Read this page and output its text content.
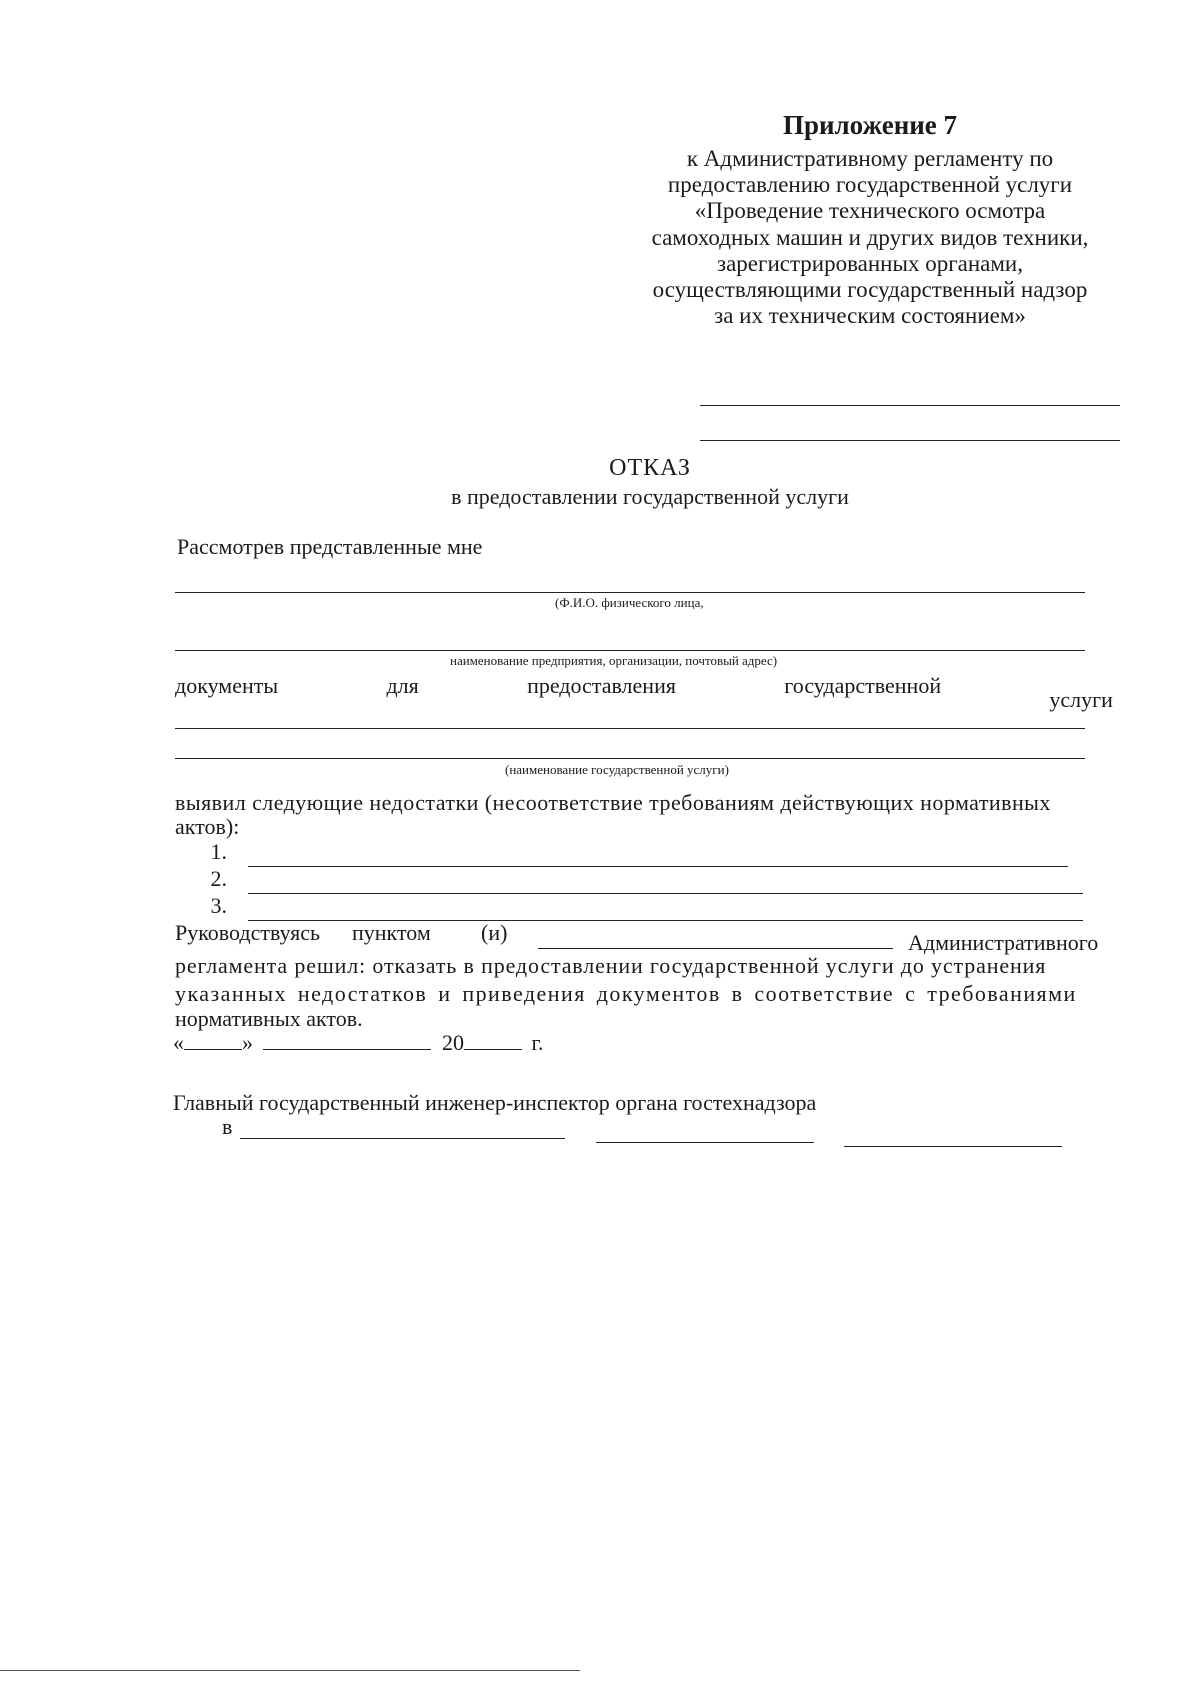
Приложение 7
к Административному регламенту по
предоставлению государственной услуги
«Проведение технического осмотра
самоходных машин и других видов техники,
зарегистрированных органами,
осуществляющими государственный надзор
за их техническим состоянием»
ОТКАЗ
в предоставлении государственной услуги
Рассмотрев представленные мне
(Ф.И.О. физического лица,
наименование предприятия, организации, почтовый адрес)
документы	для	предоставления	государственной
услуги
(наименование государственной услуги)
выявил следующие недостатки (несоответствие требованиям действующих нормативных
актов):
1.
2.
3.
Руководствуясь пунктом (и)	Административного
регламента решил: отказать в предоставлении государственной услуги до устранения
указанных недостатков и приведения документов в соответствие с требованиями
нормативных актов.
«	»	20	г.
Главный государственный инженер-инспектор органа гостехнадзора
в
